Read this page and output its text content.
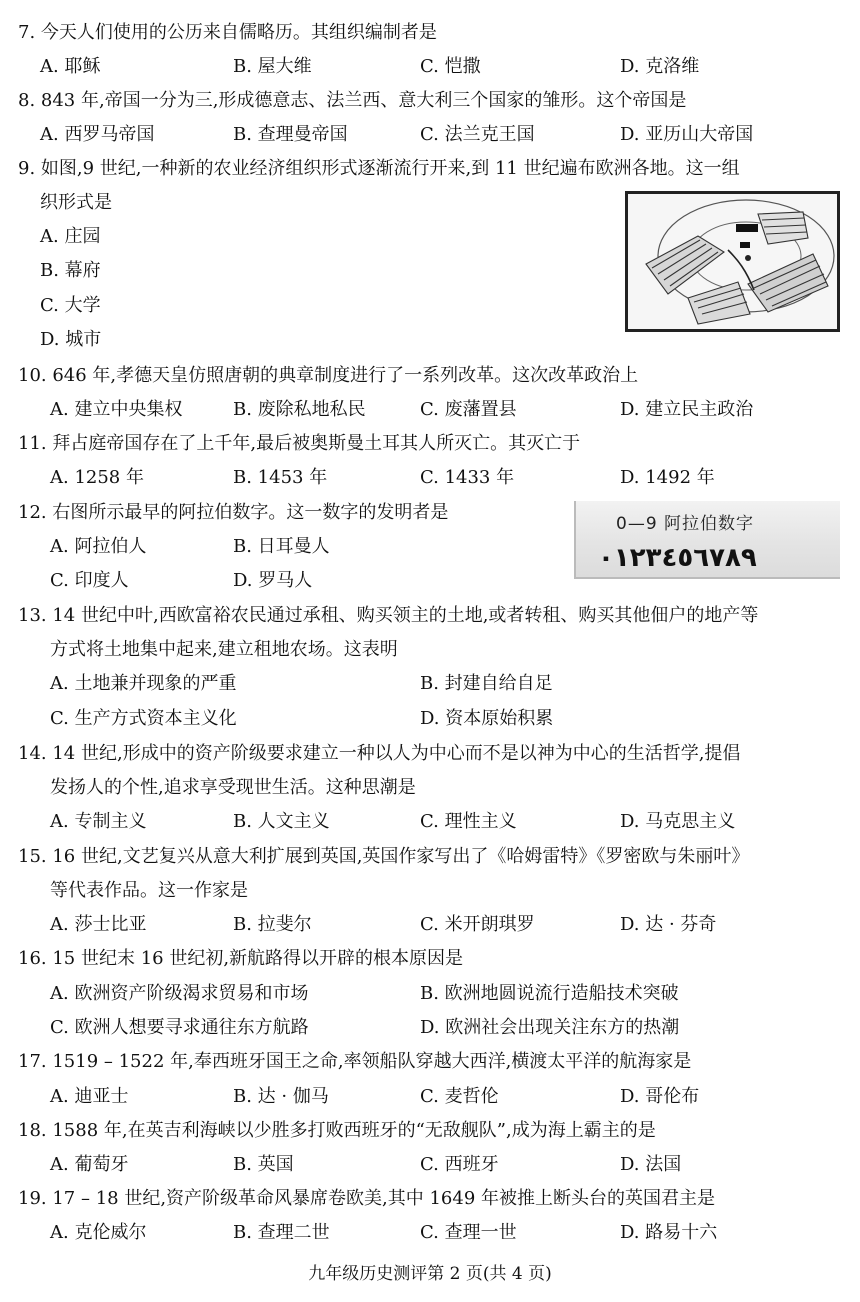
7. 今天人们使用的公历来自儒略历。其组织编制者是
A. 耶稣	B. 屋大维	C. 恺撒	D. 克洛维
8. 843 年,帝国一分为三,形成德意志、法兰西、意大利三个国家的雏形。这个帝国是
A. 西罗马帝国	B. 查理曼帝国	C. 法兰克王国	D. 亚历山大帝国
9. 如图,9 世纪,一种新的农业经济组织形式逐渐流行开来,到 11 世纪遍布欧洲各地。这一组
织形式是
A. 庄园
B. 幕府
C. 大学
D. 城市
10. 646 年,孝德天皇仿照唐朝的典章制度进行了一系列改革。这次改革政治上
A. 建立中央集权	B. 废除私地私民	C. 废藩置县	D. 建立民主政治
11. 拜占庭帝国存在了上千年,最后被奥斯曼土耳其人所灭亡。其灭亡于
A. 1258 年	B. 1453 年	C. 1433 年	D. 1492 年
12. 右图所示最早的阿拉伯数字。这一数字的发明者是
A. 阿拉伯人	B. 日耳曼人
C. 印度人	D. 罗马人
0—9 阿拉伯数字
٠١٢٣٤٥٦٧٨٩
13. 14 世纪中叶,西欧富裕农民通过承租、购买领主的土地,或者转租、购买其他佃户的地产等
方式将土地集中起来,建立租地农场。这表明
A. 土地兼并现象的严重	B. 封建自给自足
C. 生产方式资本主义化	D. 资本原始积累
14. 14 世纪,形成中的资产阶级要求建立一种以人为中心而不是以神为中心的生活哲学,提倡
发扬人的个性,追求享受现世生活。这种思潮是
A. 专制主义	B. 人文主义	C. 理性主义	D. 马克思主义
15. 16 世纪,文艺复兴从意大利扩展到英国,英国作家写出了《哈姆雷特》《罗密欧与朱丽叶》
等代表作品。这一作家是
A. 莎士比亚	B. 拉斐尔	C. 米开朗琪罗	D. 达 · 芬奇
16. 15 世纪末 16 世纪初,新航路得以开辟的根本原因是
A. 欧洲资产阶级渴求贸易和市场	B. 欧洲地圆说流行造船技术突破
C. 欧洲人想要寻求通往东方航路	D. 欧洲社会出现关注东方的热潮
17. 1519 – 1522 年,奉西班牙国王之命,率领船队穿越大西洋,横渡太平洋的航海家是
A. 迪亚士	B. 达 · 伽马	C. 麦哲伦	D. 哥伦布
18. 1588 年,在英吉利海峡以少胜多打败西班牙的“无敌舰队”,成为海上霸主的是
A. 葡萄牙	B. 英国	C. 西班牙	D. 法国
19. 17 – 18 世纪,资产阶级革命风暴席卷欧美,其中 1649 年被推上断头台的英国君主是
A. 克伦威尔	B. 查理二世	C. 查理一世	D. 路易十六
九年级历史测评第 2 页(共 4 页)
